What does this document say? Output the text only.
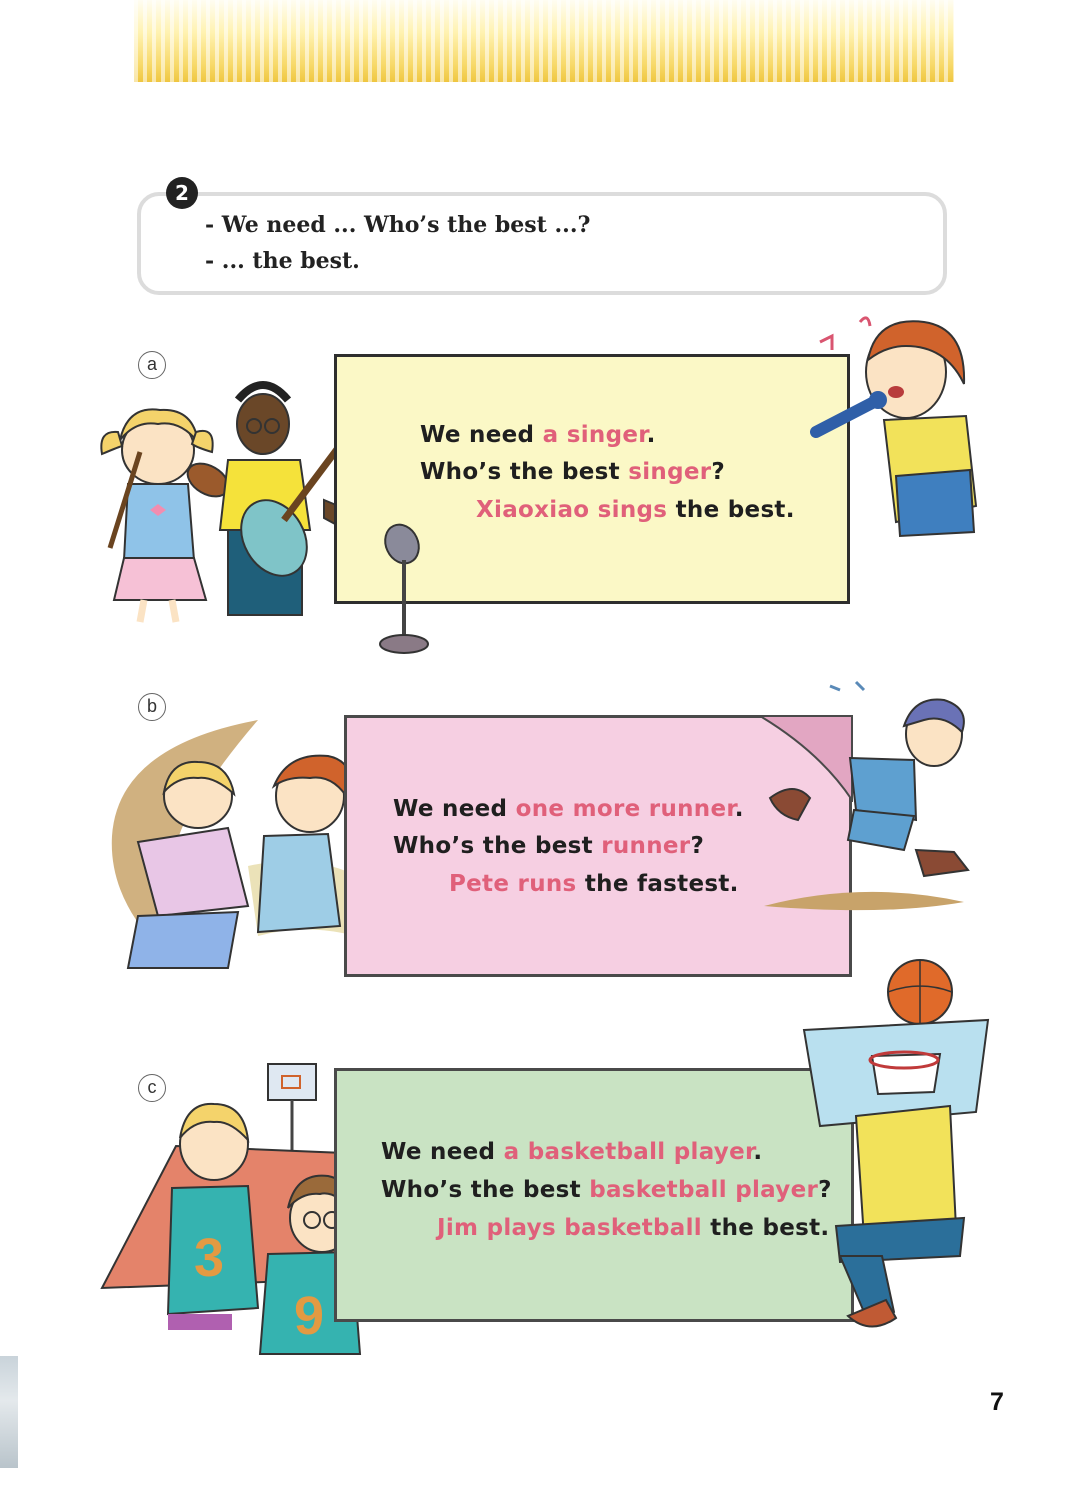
2
- We need ... Who’s the best ...?
- ... the best.
a
We need a singer.
Who’s the best singer?
Xiaoxiao sings the best.
b
We need one more runner.
Who’s the best runner?
Pete runs the fastest.
c
3
9
We need a basketball player.
Who’s the best basketball player?
Jim plays basketball the best.
7
